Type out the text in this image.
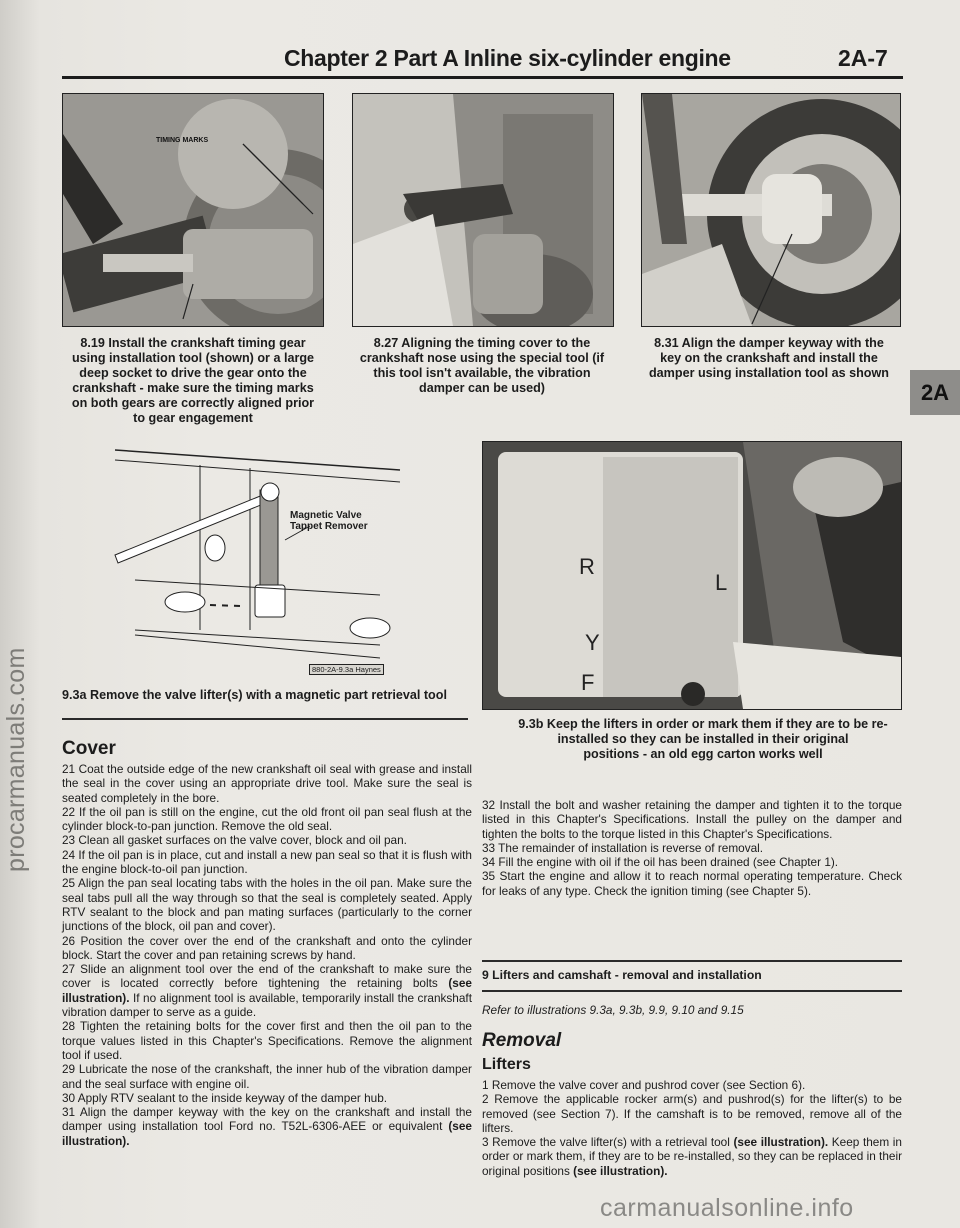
procarmanuals.com
Chapter 2 Part A Inline six-cylinder engine	2A-7
2A
TIMING MARKS
8.19 Install the crankshaft timing gear
using installation tool (shown) or a large
deep socket to drive the gear onto the
crankshaft - make sure the timing marks
on both gears are correctly aligned prior
to gear engagement
8.27 Aligning the timing cover to the
crankshaft nose using the special tool (if
this tool isn't available, the vibration
damper can be used)
8.31 Align the damper keyway with the
key on the crankshaft and install the
damper using installation tool as shown
Magnetic Valve
Tappet Remover
880-2A-9.3a Haynes
9.3a Remove the valve lifter(s) with a magnetic part retrieval tool
R
L
Y
F
9.3b Keep the lifters in order or mark them if they are to be re-
installed so they can be installed in their original
positions - an old egg carton works well
Cover

21 Coat the outside edge of the new crankshaft oil seal with grease and install the seal in the cover using an appropriate drive tool. Make sure the seal is seated completely in the bore.

22 If the oil pan is still on the engine, cut the old front oil pan seal flush at the cylinder block-to-pan junction. Remove the old seal.

23 Clean all gasket surfaces on the valve cover, block and oil pan.

24 If the oil pan is in place, cut and install a new pan seal so that it is flush with the engine block-to-oil pan junction.

25 Align the pan seal locating tabs with the holes in the oil pan. Make sure the seal tabs pull all the way through so that the seal is completely seated. Apply RTV sealant to the block and pan mating surfaces (particularly to the corner junctions of the block, oil pan and cover).

26 Position the cover over the end of the crankshaft and onto the cylinder block. Start the cover and pan retaining screws by hand.

27 Slide an alignment tool over the end of the crankshaft to make sure the cover is located correctly before tightening the retaining bolts (see illustration). If no alignment tool is available, temporarily install the crankshaft vibration damper to serve as a guide.

28 Tighten the retaining bolts for the cover first and then the oil pan to the torque values listed in this Chapter's Specifications. Remove the alignment tool if used.

29 Lubricate the nose of the crankshaft, the inner hub of the vibration damper and the seal surface with engine oil.

30 Apply RTV sealant to the inside keyway of the damper hub.

31 Align the damper keyway with the key on the crankshaft and install the damper using installation tool Ford no. T52L-6306-AEE or equivalent (see illustration).

32 Install the bolt and washer retaining the damper and tighten it to the torque listed in this Chapter's Specifications. Install the pulley on the damper and tighten the bolts to the torque listed in this Chapter's Specifications.

33 The remainder of installation is reverse of removal.

34 Fill the engine with oil if the oil has been drained (see Chapter 1).

35 Start the engine and allow it to reach normal operating temperature. Check for leaks of any type. Check the ignition timing (see Chapter 5).

9 Lifters and camshaft - removal and installation
Refer to illustrations 9.3a, 9.3b, 9.9, 9.10 and 9.15
Removal
Lifters

1 Remove the valve cover and pushrod cover (see Section 6).

2 Remove the applicable rocker arm(s) and pushrod(s) for the lifter(s) to be removed (see Section 7). If the camshaft is to be removed, remove all of the lifters.

3 Remove the valve lifter(s) with a retrieval tool (see illustration). Keep them in order or mark them, if they are to be re-installed, so they can be replaced in their original positions (see illustration).

carmanualsonline.info
